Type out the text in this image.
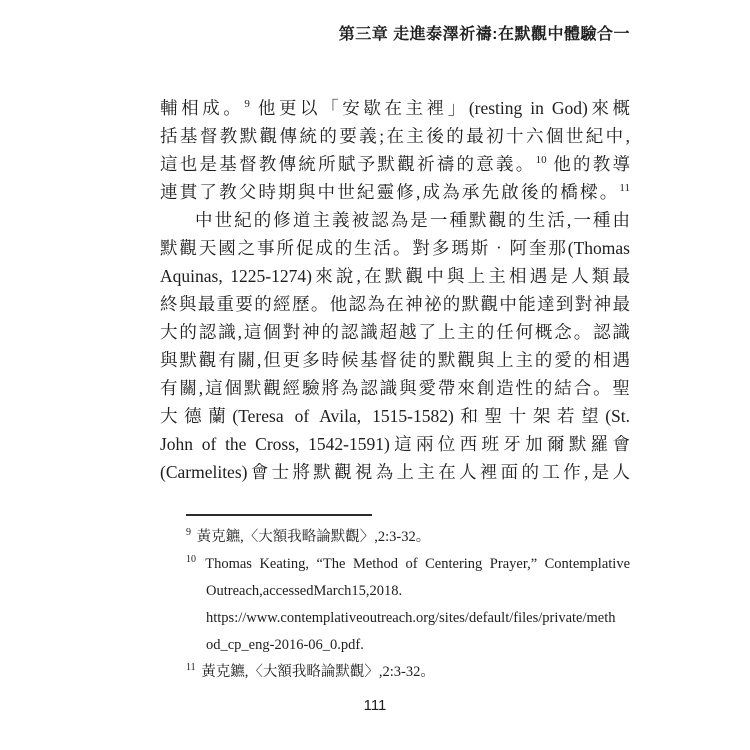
第三章 走進泰澤祈禱:在默觀中體驗合一
輔相成。$^9$ 他更以「安歇在主裡」(resting in God)來概
括基督教默觀傳統的要義;在主後的最初十六個世紀中,
這也是基督教傳統所賦予默觀祈禱的意義。$^{10}$ 他的教導
連貫了教父時期與中世紀靈修,成為承先啟後的橋樑。$^{11}$
中世紀的修道主義被認為是一種默觀的生活,一種由
默觀天國之事所促成的生活。對多瑪斯‧阿奎那(Thomas
Aquinas, 1225-1274)來說,在默觀中與上主相遇是人類最
終與最重要的經歷。他認為在神祕的默觀中能達到對神最
大的認識,這個對神的認識超越了上主的任何概念。認識
與默觀有關,但更多時候基督徒的默觀與上主的愛的相遇
有關,這個默觀經驗將為認識與愛帶來創造性的結合。聖
大德蘭(Teresa of Avila, 1515-1582)和聖十架若望(St.
John of the Cross, 1542-1591)這兩位西班牙加爾默羅會
(Carmelites)會士將默觀視為上主在人裡面的工作,是人
$^9$ 黃克鑣,〈大額我略論默觀〉,2:3-32。
$^{10}$ Thomas Keating, “The Method of Centering Prayer,” Contemplative
Outreach,accessedMarch15,2018.
https://www.contemplativeoutreach.org/sites/default/files/private/meth
od_cp_eng-2016-06_0.pdf.
$^{11}$ 黃克鑣,〈大額我略論默觀〉,2:3-32。
111
